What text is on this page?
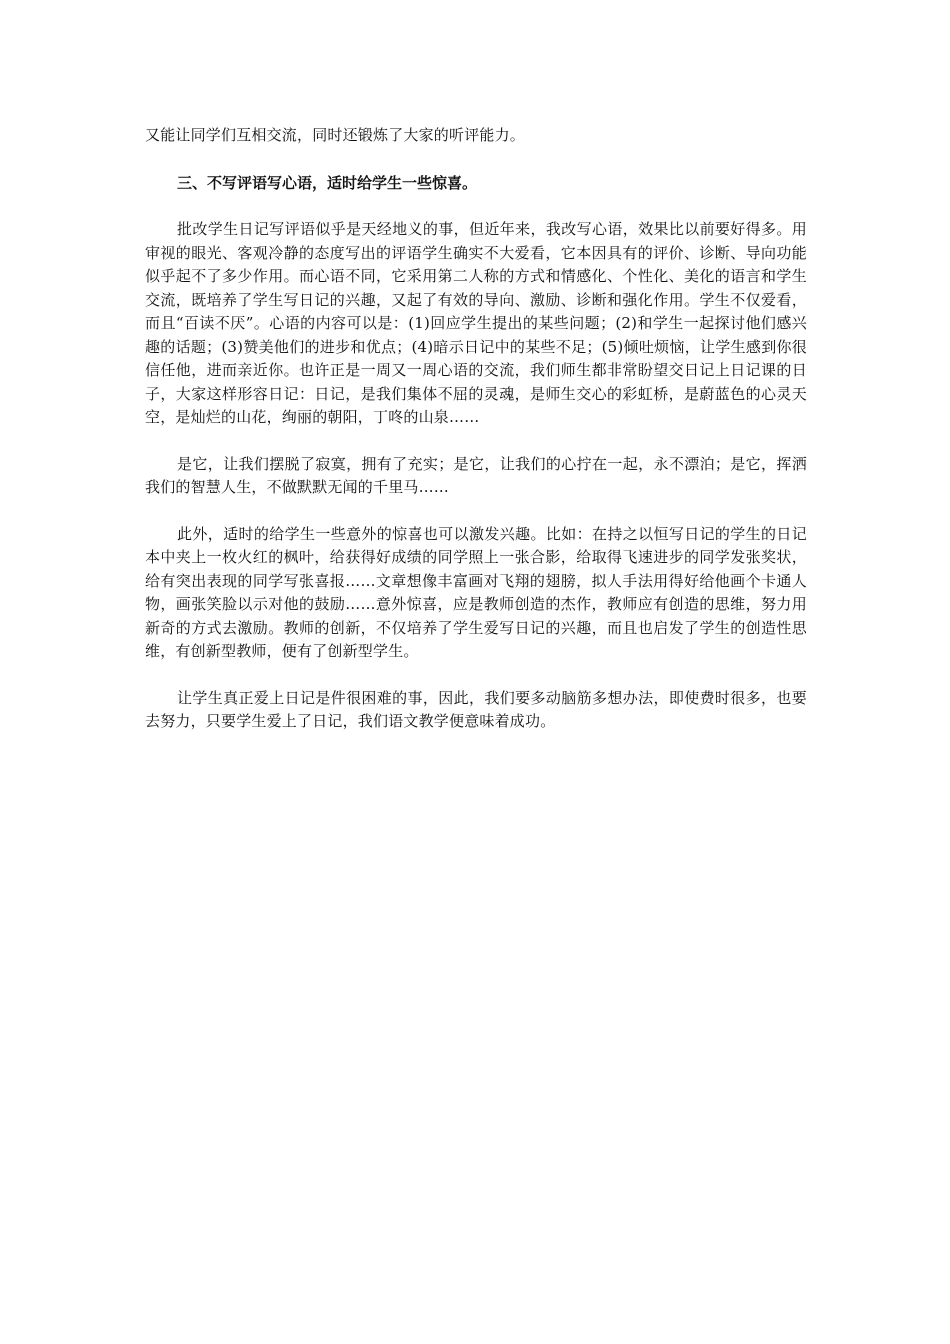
又能让同学们互相交流，同时还锻炼了大家的听评能力。

三、不写评语写心语，适时给学生一些惊喜。

批改学生日记写评语似乎是天经地义的事，但近年来，我改写心语，效果比以前要好得多。用审视的眼光、客观冷静的态度写出的评语学生确实不大爱看，它本因具有的评价、诊断、导向功能似乎起不了多少作用。而心语不同，它采用第二人称的方式和情感化、个性化、美化的语言和学生交流，既培养了学生写日记的兴趣，又起了有效的导向、激励、诊断和强化作用。学生不仅爱看，而且“百读不厌”。心语的内容可以是：(1)回应学生提出的某些问题；(2)和学生一起探讨他们感兴趣的话题；(3)赞美他们的进步和优点；(4)暗示日记中的某些不足；(5)倾吐烦恼，让学生感到你很信任他，进而亲近你。也许正是一周又一周心语的交流，我们师生都非常盼望交日记上日记课的日子，大家这样形容日记：日记，是我们集体不屈的灵魂，是师生交心的彩虹桥，是蔚蓝色的心灵天空，是灿烂的山花，绚丽的朝阳，丁咚的山泉……

是它，让我们摆脱了寂寞，拥有了充实；是它，让我们的心拧在一起，永不漂泊；是它，挥洒我们的智慧人生，不做默默无闻的千里马……

此外，适时的给学生一些意外的惊喜也可以激发兴趣。比如：在持之以恒写日记的学生的日记本中夹上一枚火红的枫叶，给获得好成绩的同学照上一张合影，给取得飞速进步的同学发张奖状，给有突出表现的同学写张喜报……文章想像丰富画对飞翔的翅膀，拟人手法用得好给他画个卡通人物，画张笑脸以示对他的鼓励……意外惊喜，应是教师创造的杰作，教师应有创造的思维，努力用新奇的方式去激励。教师的创新，不仅培养了学生爱写日记的兴趣，而且也启发了学生的创造性思维，有创新型教师，便有了创新型学生。

让学生真正爱上日记是件很困难的事，因此，我们要多动脑筋多想办法，即使费时很多，也要去努力，只要学生爱上了日记，我们语文教学便意味着成功。
